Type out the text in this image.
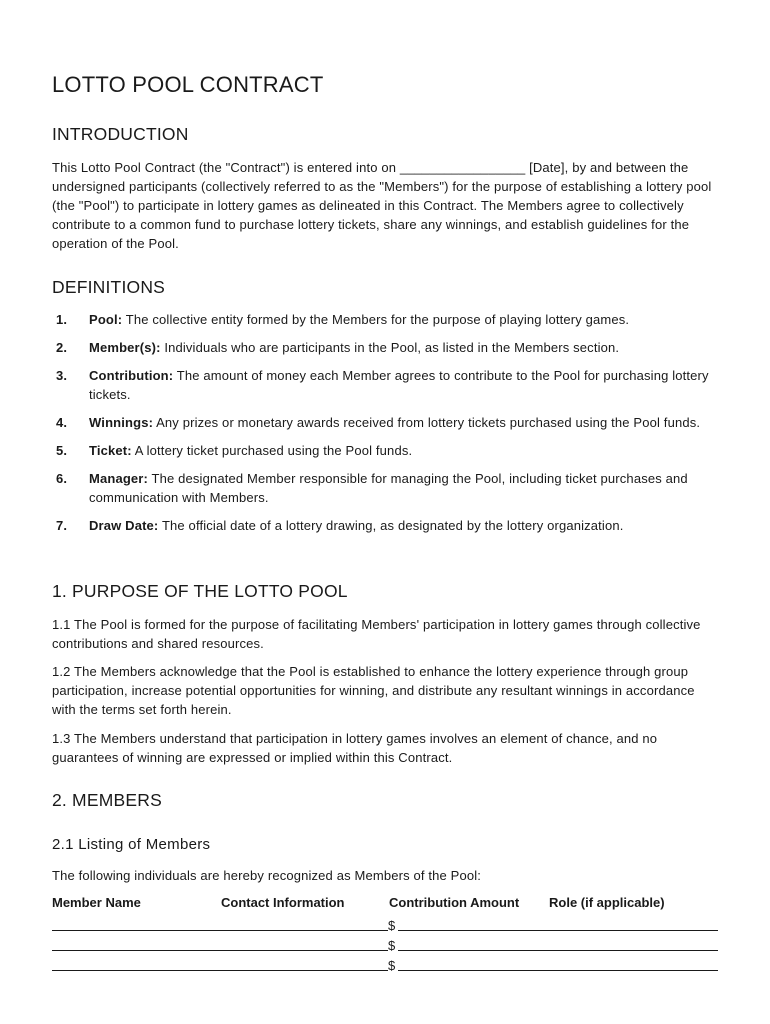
LOTTO POOL CONTRACT
INTRODUCTION

This Lotto Pool Contract (the "Contract") is entered into on _________________ [Date], by and between the undersigned participants (collectively referred to as the "Members") for the purpose of establishing a lottery pool (the "Pool") to participate in lottery games as delineated in this Contract. The Members agree to collectively contribute to a common fund to purchase lottery tickets, share any winnings, and establish guidelines for the operation of the Pool.

DEFINITIONS
1. Pool: The collective entity formed by the Members for the purpose of playing lottery games.
2. Member(s): Individuals who are participants in the Pool, as listed in the Members section.
3. Contribution: The amount of money each Member agrees to contribute to the Pool for purchasing lottery tickets.
4. Winnings: Any prizes or monetary awards received from lottery tickets purchased using the Pool funds.
5. Ticket: A lottery ticket purchased using the Pool funds.
6. Manager: The designated Member responsible for managing the Pool, including ticket purchases and communication with Members.
7. Draw Date: The official date of a lottery drawing, as designated by the lottery organization.
1. PURPOSE OF THE LOTTO POOL

1.1 The Pool is formed for the purpose of facilitating Members' participation in lottery games through collective contributions and shared resources.

1.2 The Members acknowledge that the Pool is established to enhance the lottery experience through group participation, increase potential opportunities for winning, and distribute any resultant winnings in accordance with the terms set forth herein.

1.3 The Members understand that participation in lottery games involves an element of chance, and no guarantees of winning are expressed or implied within this Contract.

2. MEMBERS
2.1 Listing of Members

The following individuals are hereby recognized as Members of the Pool:

Member Name	Contact Information	Contribution Amount Role (if applicable)
$
$
$
